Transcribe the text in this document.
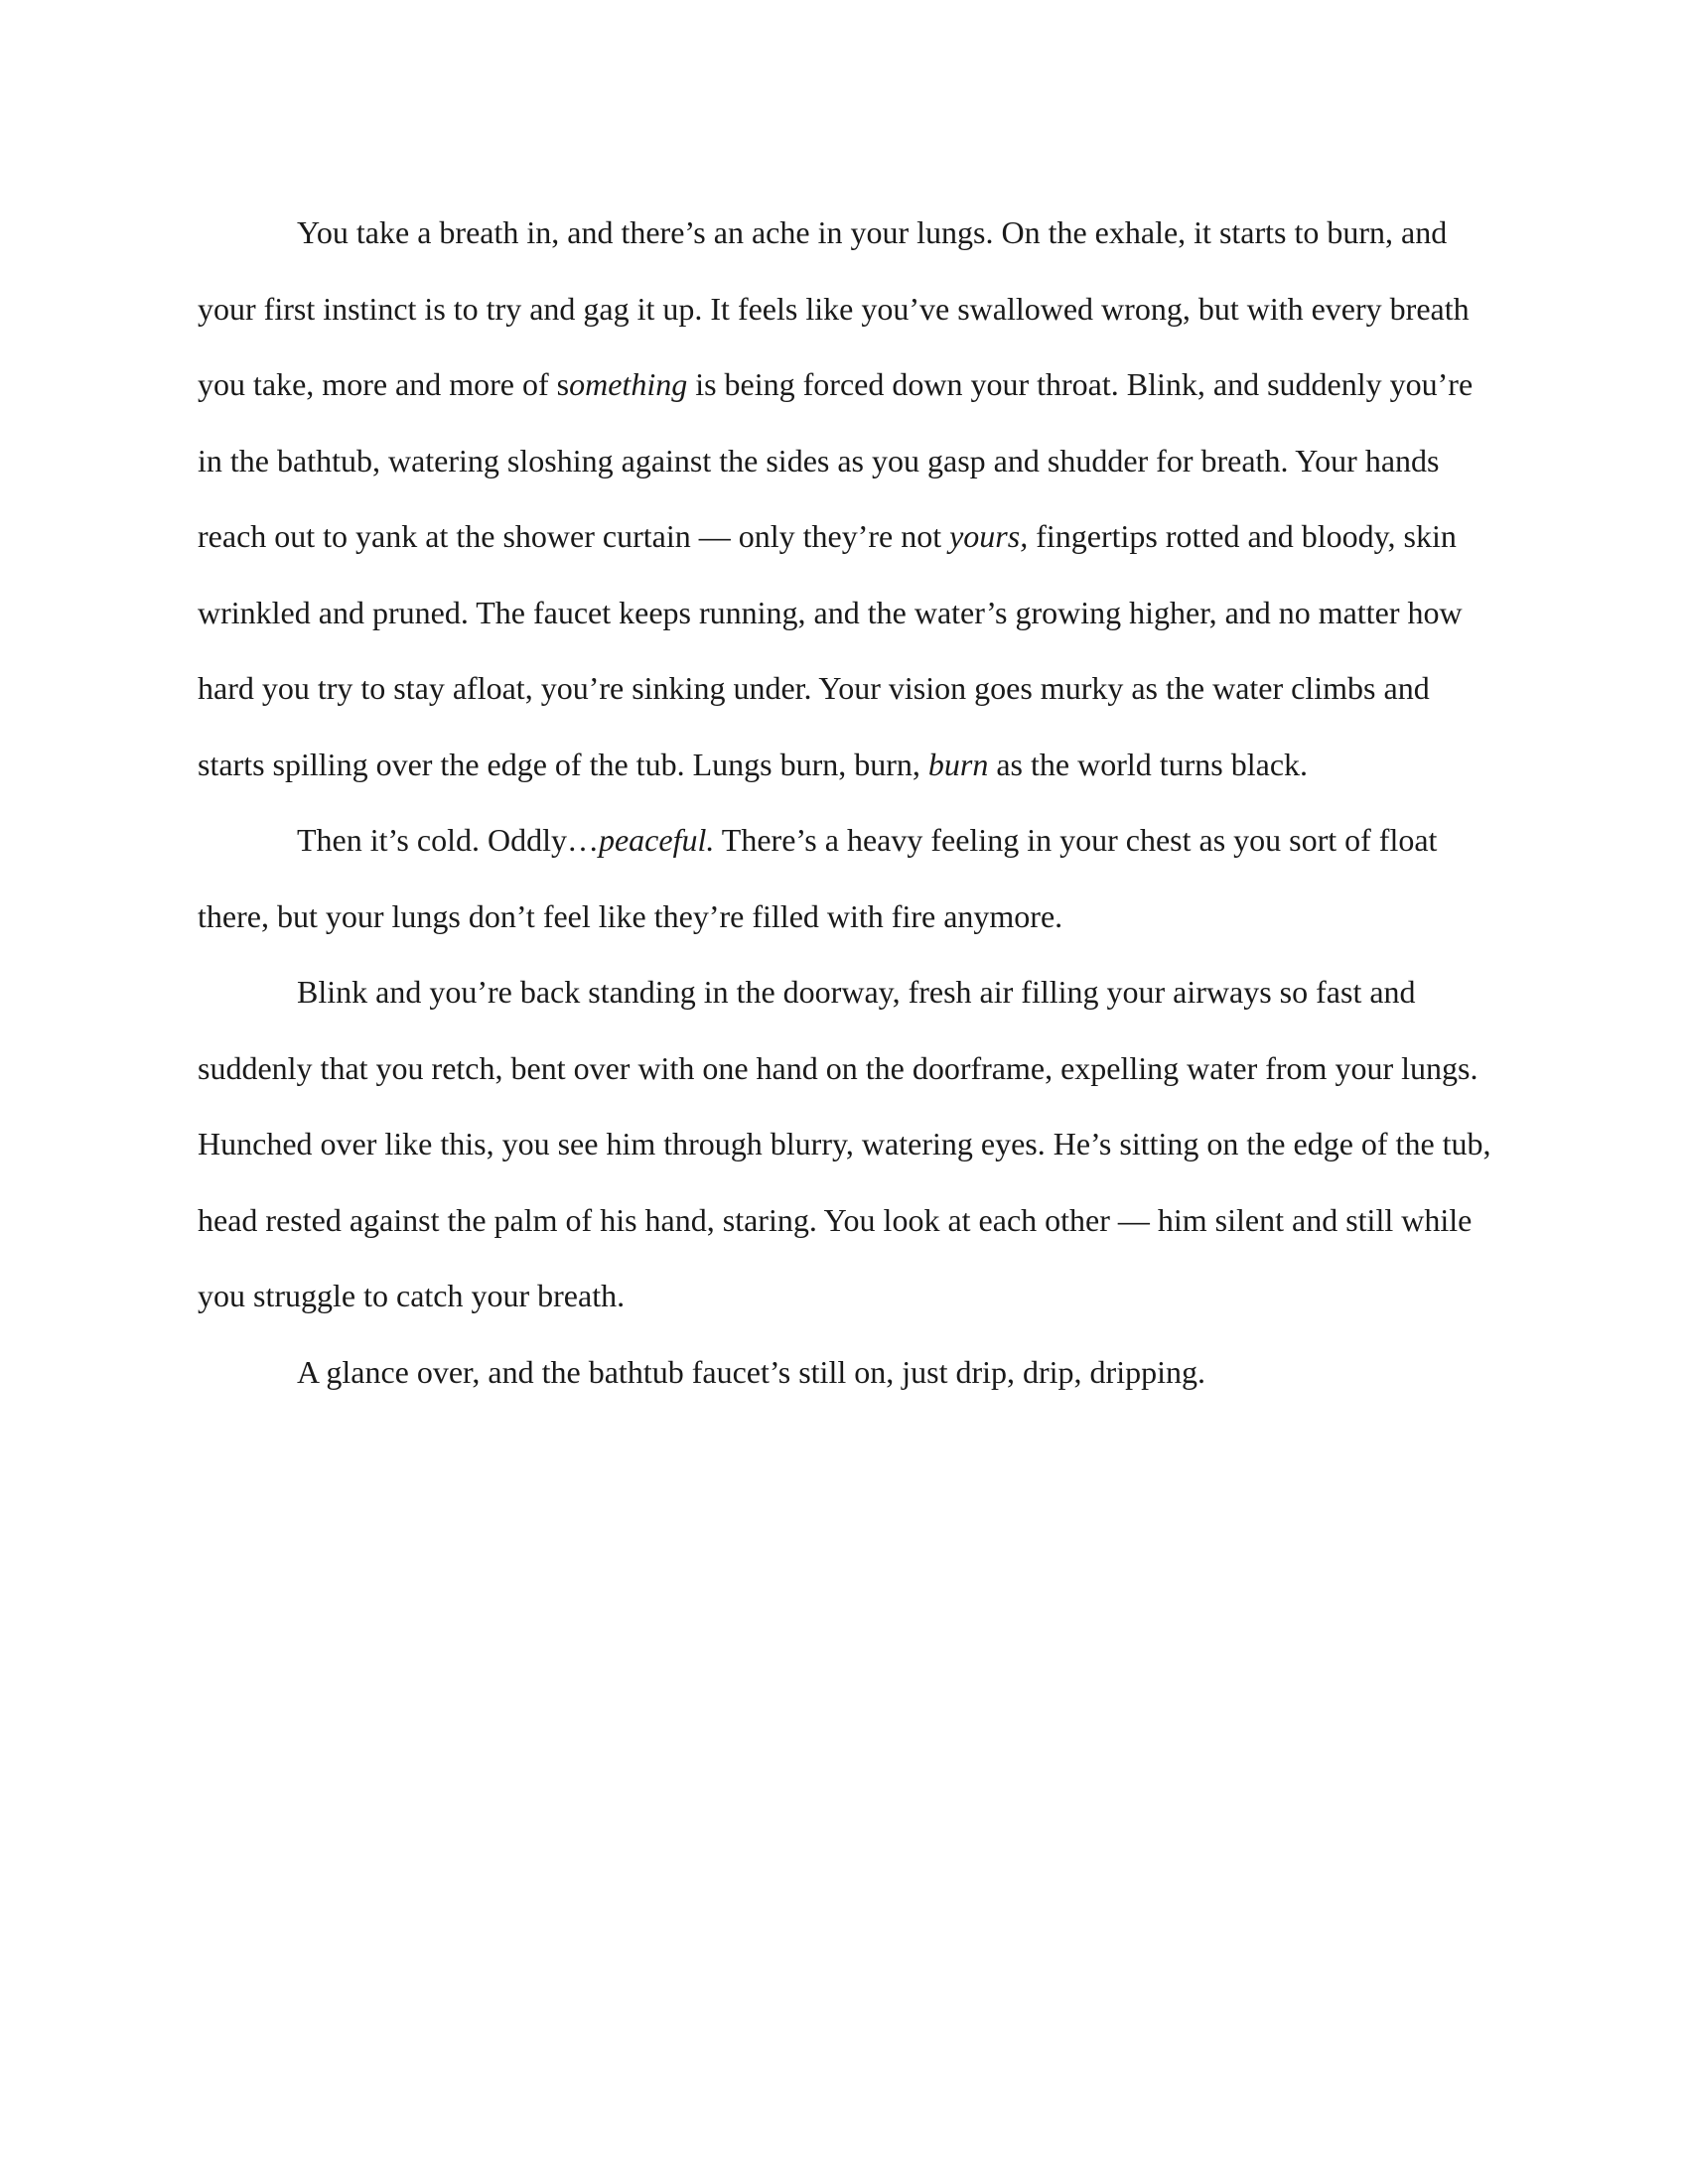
You take a breath in, and there’s an ache in your lungs. On the exhale, it starts to burn, and your first instinct is to try and gag it up. It feels like you’ve swallowed wrong, but with every breath you take, more and more of something is being forced down your throat. Blink, and suddenly you’re in the bathtub, watering sloshing against the sides as you gasp and shudder for breath. Your hands reach out to yank at the shower curtain — only they’re not yours, fingertips rotted and bloody, skin wrinkled and pruned. The faucet keeps running, and the water’s growing higher, and no matter how hard you try to stay afloat, you’re sinking under. Your vision goes murky as the water climbs and starts spilling over the edge of the tub. Lungs burn, burn, burn as the world turns black.

Then it’s cold. Oddly…peaceful. There’s a heavy feeling in your chest as you sort of float there, but your lungs don’t feel like they’re filled with fire anymore.

Blink and you’re back standing in the doorway, fresh air filling your airways so fast and suddenly that you retch, bent over with one hand on the doorframe, expelling water from your lungs. Hunched over like this, you see him through blurry, watering eyes. He’s sitting on the edge of the tub, head rested against the palm of his hand, staring. You look at each other — him silent and still while you struggle to catch your breath.

A glance over, and the bathtub faucet’s still on, just drip, drip, dripping.
